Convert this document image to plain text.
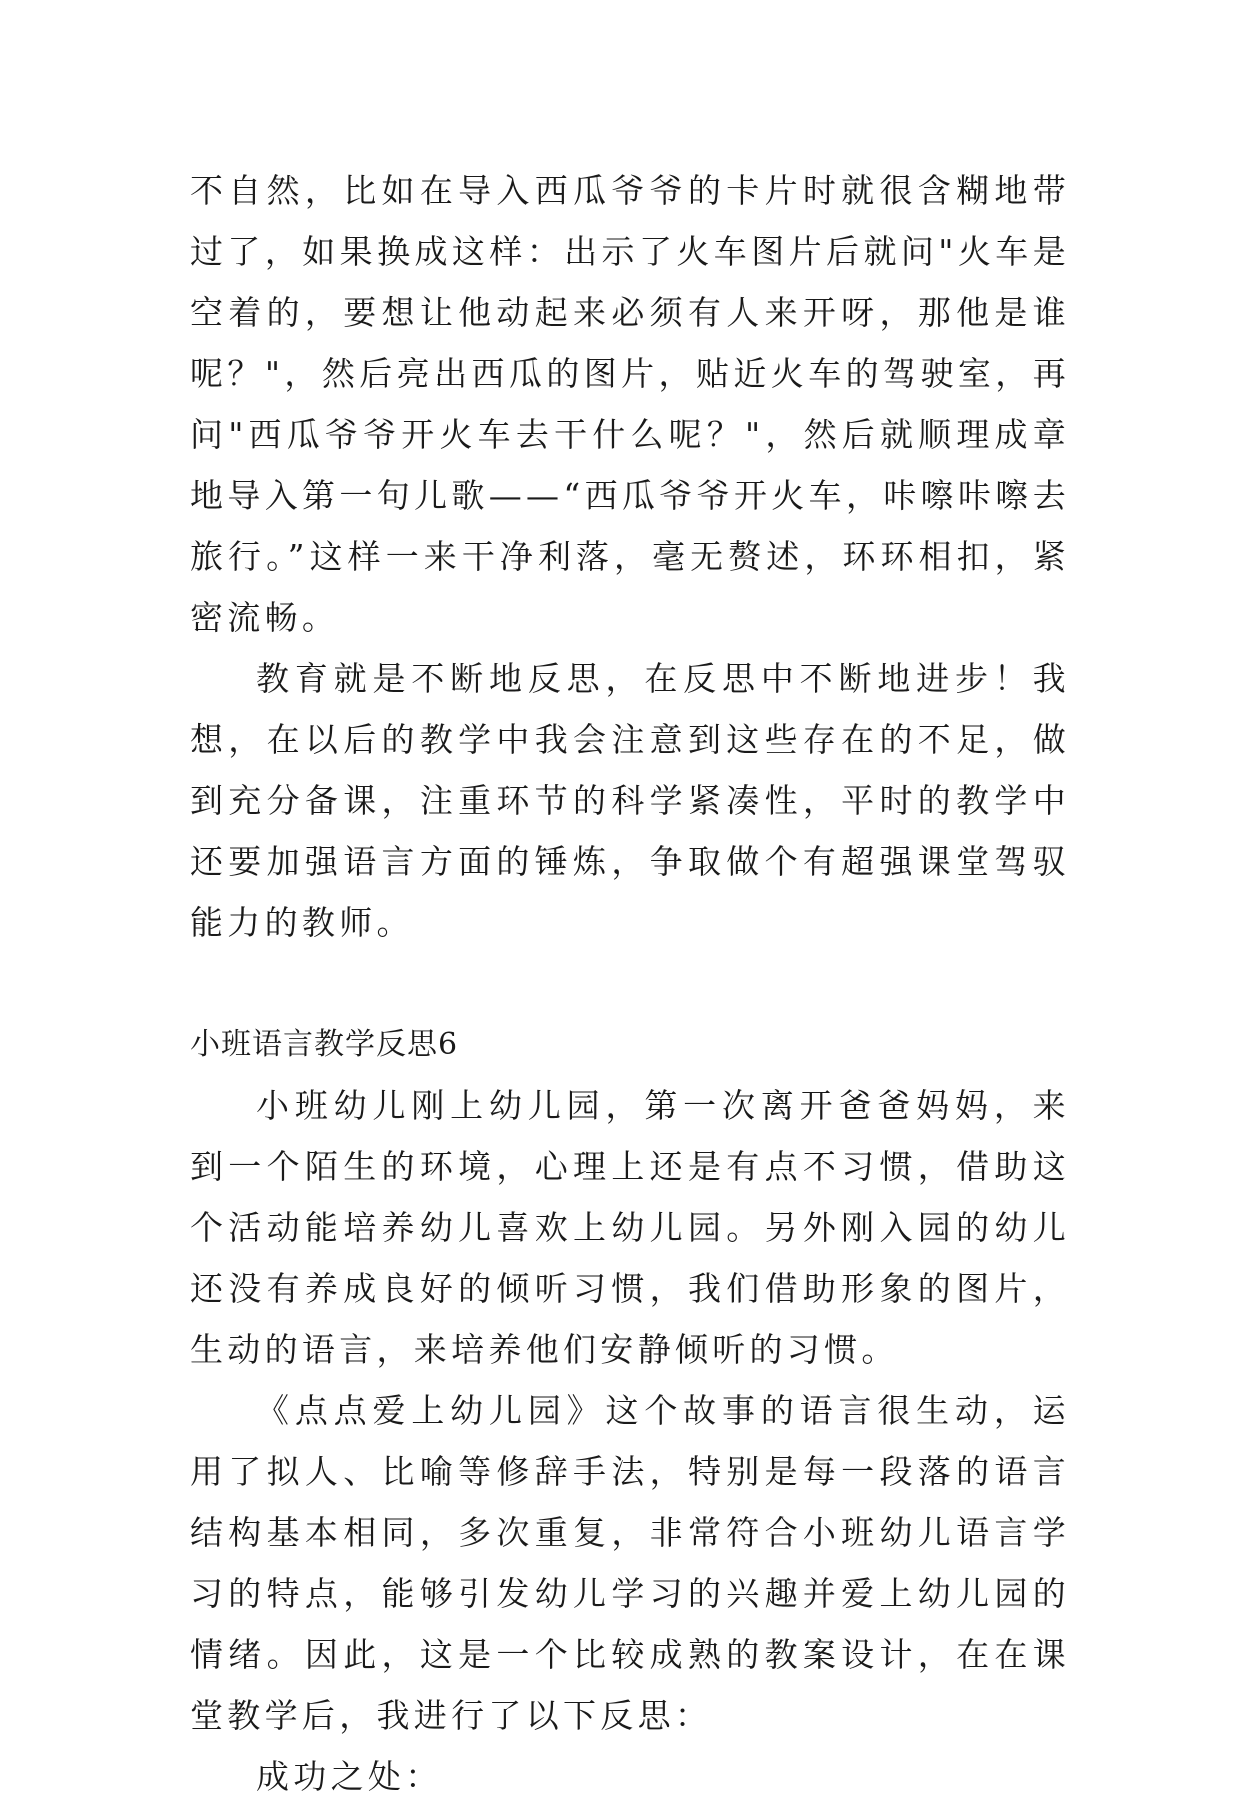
不自然，比如在导入西瓜爷爷的卡片时就很含糊地带过了，如果换成这样：出示了火车图片后就问"火车是空着的，要想让他动起来必须有人来开呀，那他是谁呢？"，然后亮出西瓜的图片，贴近火车的驾驶室，再问"西瓜爷爷开火车去干什么呢？"，然后就顺理成章地导入第一句儿歌——“西瓜爷爷开火车，咔嚓咔嚓去旅行。”这样一来干净利落，毫无赘述，环环相扣，紧密流畅。

教育就是不断地反思，在反思中不断地进步！我想，在以后的教学中我会注意到这些存在的不足，做到充分备课，注重环节的科学紧凑性，平时的教学中还要加强语言方面的锤炼，争取做个有超强课堂驾驭能力的教师。

小班语言教学反思6

小班幼儿刚上幼儿园，第一次离开爸爸妈妈，来到一个陌生的环境，心理上还是有点不习惯，借助这个活动能培养幼儿喜欢上幼儿园。另外刚入园的幼儿还没有养成良好的倾听习惯，我们借助形象的图片，生动的语言，来培养他们安静倾听的习惯。

《点点爱上幼儿园》这个故事的语言很生动，运用了拟人、比喻等修辞手法，特别是每一段落的语言结构基本相同，多次重复，非常符合小班幼儿语言学习的特点，能够引发幼儿学习的兴趣并爱上幼儿园的情绪。因此，这是一个比较成熟的教案设计，在在课堂教学后，我进行了以下反思：

成功之处：
